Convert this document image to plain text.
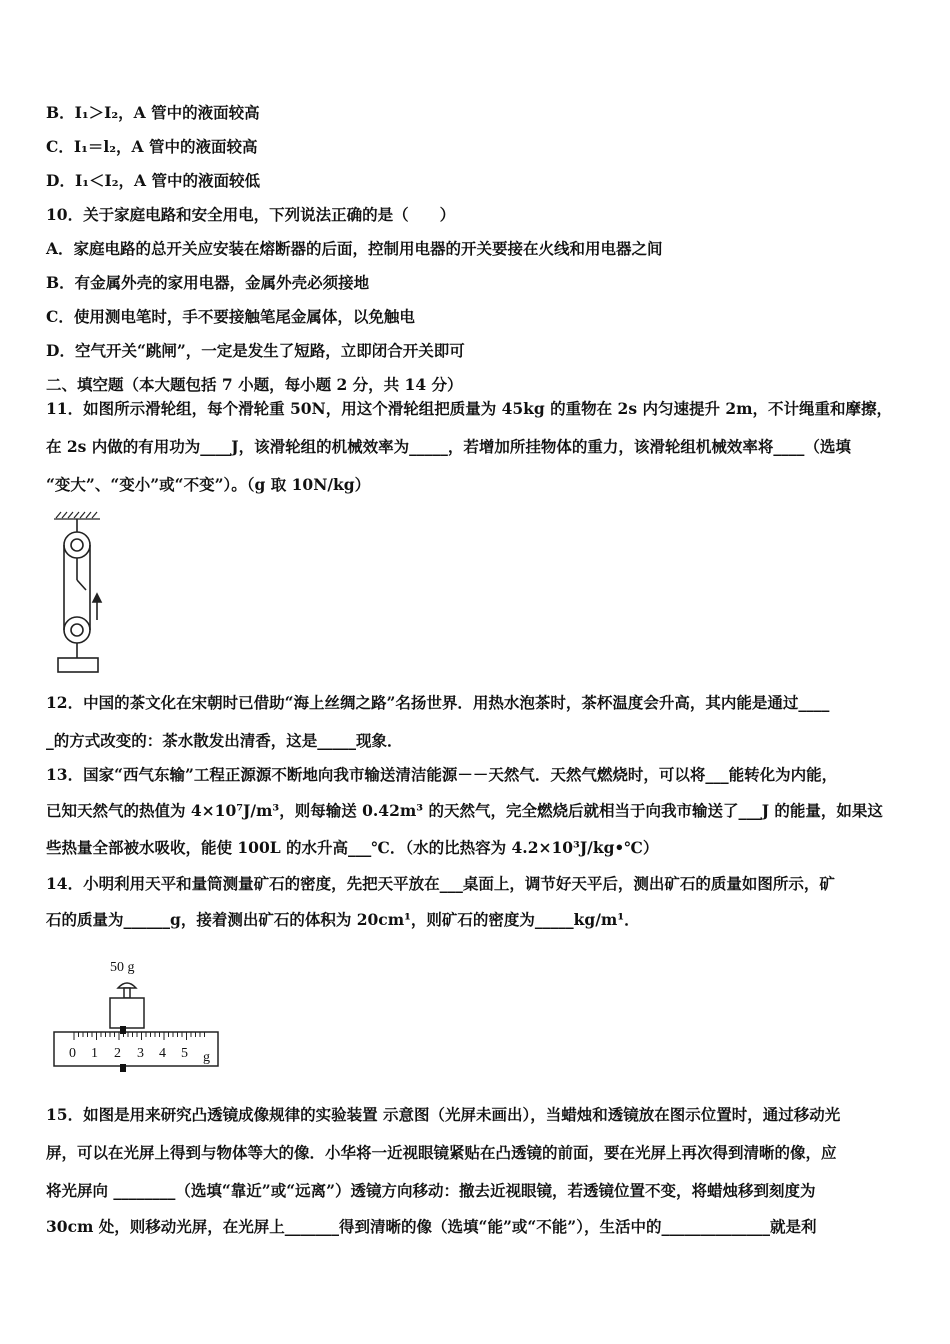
B．I₁＞I₂，A 管中的液面较高
C．I₁＝l₂，A 管中的液面较高
D．I₁＜I₂，A 管中的液面较低
10．关于家庭电路和安全用电，下列说法正确的是（　　）
A．家庭电路的总开关应安装在熔断器的后面，控制用电器的开关要接在火线和用电器之间
B．有金属外壳的家用电器，金属外壳必须接地
C．使用测电笔时，手不要接触笔尾金属体，以免触电
D．空气开关“跳闸”，一定是发生了短路，立即闭合开关即可
二、填空题（本大题包括 7 小题，每小题 2 分，共 14 分）
11．如图所示滑轮组，每个滑轮重 50N，用这个滑轮组把质量为 45kg 的重物在 2s 内匀速提升 2m，不计绳重和摩擦，
在 2s 内做的有用功为____J，该滑轮组的机械效率为_____，若增加所挂物体的重力，该滑轮组机械效率将____（选填
“变大”、“变小”或“不变”）。（g 取 10N/kg）
12．中国的茶文化在宋朝时已借助“海上丝绸之路”名扬世界．用热水泡茶时，茶杯温度会升高，其内能是通过____
_的方式改变的：茶水散发出清香，这是_____现象．
13．国家“西气东输”工程正源源不断地向我市输送清洁能源－－天然气．天然气燃烧时，可以将___能转化为内能，
已知天然气的热值为 4×10⁷J/m³，则每输送 0.42m³ 的天然气，完全燃烧后就相当于向我市输送了___J 的能量，如果这
些热量全部被水吸收，能使 100L 的水升高___℃．（水的比热容为 4.2×10³J/kg•℃）
14．小明利用天平和量筒测量矿石的密度，先把天平放在___桌面上，调节好天平后，测出矿石的质量如图所示，矿
石的质量为______g，接着测出矿石的体积为 20cm¹，则矿石的密度为_____kg/m¹．
50 g
0 1 2 3 4 5 g
15．如图是用来研究凸透镜成像规律的实验装置 示意图（光屏未画出），当蜡烛和透镜放在图示位置时，通过移动光
屏，可以在光屏上得到与物体等大的像．小华将一近视眼镜紧贴在凸透镜的前面，要在光屏上再次得到清晰的像，应
将光屏向 ________（选填“靠近”或“远离”）透镜方向移动：撤去近视眼镜，若透镜位置不变，将蜡烛移到刻度为
30cm 处，则移动光屏，在光屏上_______得到清晰的像（选填“能”或“不能”），生活中的______________就是利
